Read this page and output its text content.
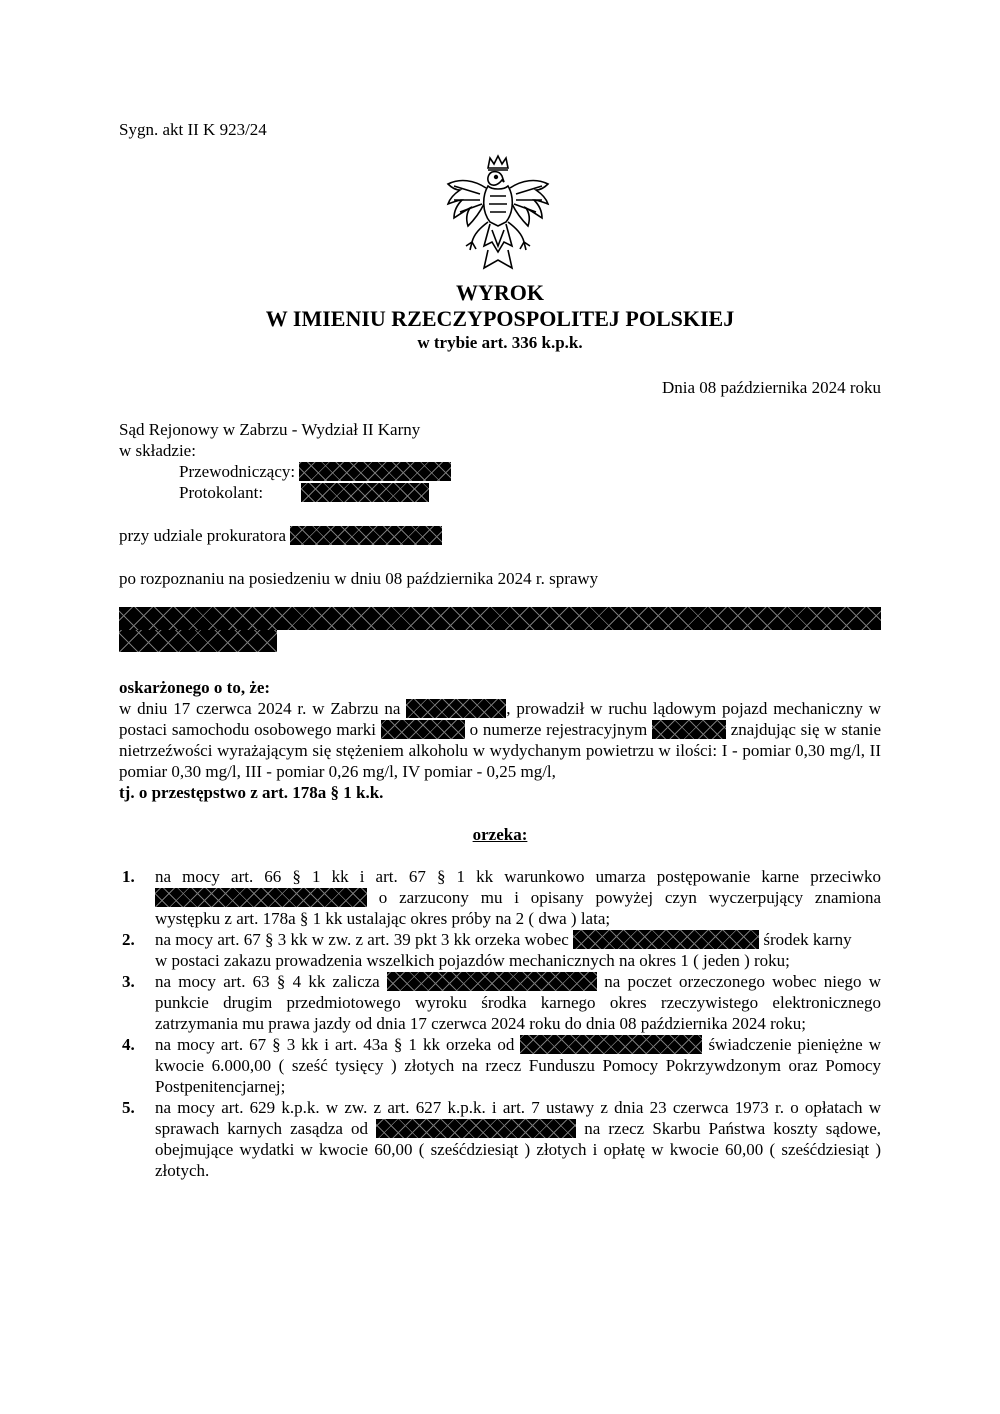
Sygn. akt II K 923/24
WYROK
W IMIENIU RZECZYPOSPOLITEJ POLSKIEJ
w trybie art. 336 k.p.k.
Dnia 08 października 2024 roku
Sąd Rejonowy w Zabrzu - Wydział II Karny
w składzie:
Przewodniczący:
Protokolant:
przy udziale prokuratora
po rozpoznaniu na posiedzeniu w dniu 08 października 2024 r. sprawy
oskarżonego o to, że:
w dniu 17 czerwca 2024 r. w Zabrzu na	, prowadził w ruchu lądowym pojazd mechaniczny w postaci samochodu osobowego marki	o numerze rejestracyjnym	znajdując się w stanie nietrzeźwości wyrażającym się stężeniem alkoholu w wydychanym powietrzu w ilości: I - pomiar 0,30 mg/l, II pomiar 0,30 mg/l, III - pomiar 0,26 mg/l, IV pomiar - 0,25 mg/l,
tj. o przestępstwo z art. 178a § 1 k.k.
orzeka:
1. na mocy art. 66 § 1 kk i art. 67 § 1 kk warunkowo umarza postępowanie karne przeciwko  o zarzucony mu i opisany powyżej czyn wyczerpujący znamiona występku z art. 178a § 1 kk ustalając okres próby na 2 ( dwa ) lata;
2. na mocy art. 67 § 3 kk w zw. z art. 39 pkt 3 kk orzeka wobec	środek karny
w postaci zakazu prowadzenia wszelkich pojazdów mechanicznych na okres 1 ( jeden ) roku;
3. na mocy art. 63 § 4 kk zalicza	na poczet orzeczonego wobec niego w punkcie drugim przedmiotowego wyroku środka karnego okres rzeczywistego elektronicznego zatrzymania mu prawa jazdy od dnia 17 czerwca 2024 roku do dnia 08 października 2024 roku;
4. na mocy art. 67 § 3 kk i art. 43a § 1 kk orzeka od	świadczenie pieniężne w kwocie 6.000,00 ( sześć tysięcy ) złotych na rzecz Funduszu Pomocy Pokrzywdzonym oraz Pomocy Postpenitencjarnej;
5. na mocy art. 629 k.p.k. w zw. z art. 627 k.p.k. i art. 7 ustawy z dnia 23 czerwca 1973 r. o opłatach w sprawach karnych zasądza od	na rzecz Skarbu Państwa koszty sądowe, obejmujące wydatki w kwocie 60,00 ( sześćdziesiąt ) złotych i opłatę w kwocie 60,00 ( sześćdziesiąt ) złotych.
